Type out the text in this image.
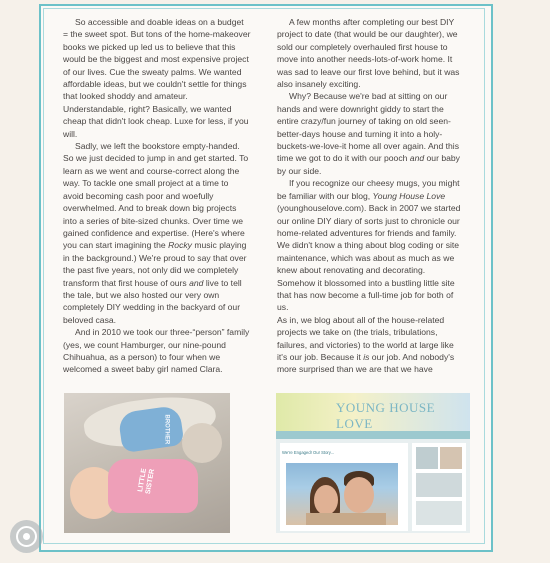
So accessible and doable ideas on a budget = the sweet spot. But tons of the home-makeover books we picked up led us to believe that this would be the biggest and most expensive project of our lives. Cue the sweaty palms. We wanted affordable ideas, but we couldn't settle for things that looked shoddy and amateur. Understandable, right? Basically, we wanted cheap that didn't look cheap. Luxe for less, if you will.

Sadly, we left the bookstore empty-handed. So we just decided to jump in and get started. To learn as we went and course-correct along the way. To tackle one small project at a time to avoid becoming cash poor and woefully overwhelmed. And to break down big projects into a series of bite-sized chunks. Over time we gained confidence and expertise. (Here's where you can start imagining the Rocky music playing in the background.) We're proud to say that over the past five years, not only did we completely transform that first house of ours and live to tell the tale, but we also hosted our very own completely DIY wedding in the backyard of our beloved casa.

And in 2010 we took our three-“person” family (yes, we count Hamburger, our nine-pound Chihuahua, as a person) to four when we welcomed a sweet baby girl named Clara.

A few months after completing our best DIY project to date (that would be our daughter), we sold our completely overhauled first house to move into another needs-lots-of-work home. It was sad to leave our first love behind, but it was also insanely exciting.

Why? Because we're bad at sitting on our hands and were downright giddy to start the entire crazy/fun journey of taking on old seen-better-days house and turning it into a holy-buckets-we-love-it home all over again. And this time we got to do it with our pooch and our baby by our side.

If you recognize our cheesy mugs, you might be familiar with our blog, Young House Love (younghouselove.com). Back in 2007 we started our online DIY diary of sorts just to chronicle our home-related adventures for friends and family. We didn't know a thing about blog coding or site maintenance, which was about as much as we knew about renovating and decorating. Somehow it blossomed into a bustling little site that has now become a full-time job for both of us.

As in, we blog about all of the house-related projects we take on (the trials, tribulations, failures, and victories) to the world at large like it's our job. Because it is our job. And nobody's more surprised than we are that we have

LITTLE SISTER
YOUNG HOUSE LOVE
We're Engaged! Our Story...
